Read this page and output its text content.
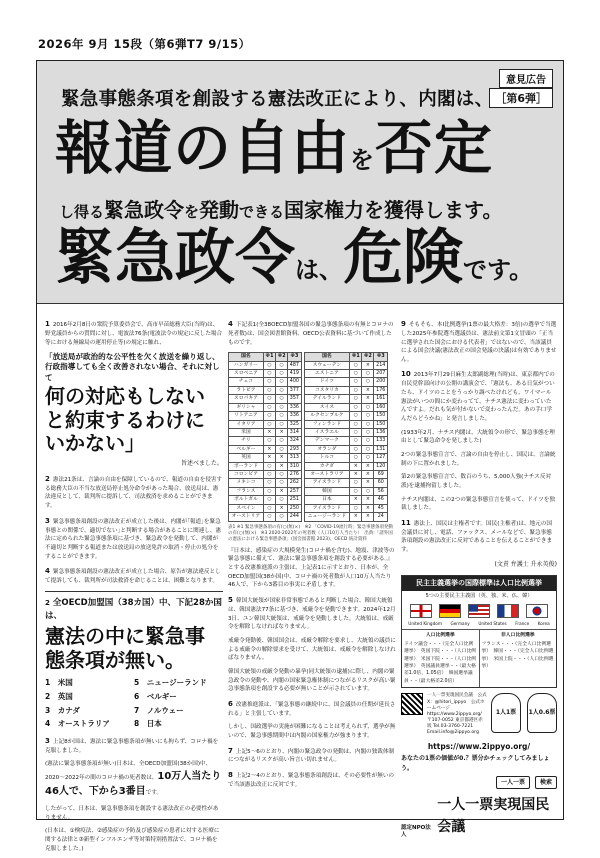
2026年 9月 15段（第6弾T7 9/15）
意見広告
［第6弾］
緊急事態条項を創設する憲法改正により、内閣は、
報道の自由を否定
し得る緊急政令を発動できる国家権力を獲得します。
緊急政令は、危険です。
1 2016年2月8日の衆院予算委員会で、高市早苗総務大臣(当時)は、野党議員からの質問に対し、電波法76条(電波法令の規定に反した場合等における無線局の運用停止等)の規定に触れ、
「放送局が政治的な公平性を欠く放送を繰り返し、行政指導しても全く改善されない場合、それに対して
何の対応もしないと約束するわけにいかない」
旨述べました。
2 憲法21条は、言論の自由を保障しているので、報道の自由を侵害する総務大臣の不当な放送局停止処分命令があった場合、放送局は、憲法違反として、裁判所に提訴して、司法救済を求めることができます。
3 緊急事態条項創設の憲法改正が成立した後は、内閣が｢報道｣を緊急事態との関係で、適切でない｣と判断する場合があることに関連し、憲法に定められた緊急事態条項に基づき、緊急政令を発動して、内閣が不適切と判断する報道または放送局の放送免許の取消・停止の処分をすることができます。
4 緊急事態条項創設の憲法改正が成立した場合、原告が憲法違反として提訴しても、裁判所が司法救済を命じることは、困難となります。
2 全OECD加盟国（38カ国）中、下記28か国は、
憲法の中に緊急事態条項が無い。
1　米国	5　ニュージーランド
2　英国	6　ベルギー
3　カナダ	7　ノルウェー
4　オーストラリア	8　日本
3 上記8か国は、憲法に緊急事態条項が無いにも拘らず、コロナ禍を克服しました。
(憲法に緊急事態条項が無い)日本は、全OECD加盟国(38か国)中、2020〜2022年の間のコロナ禍の死者数は、10万人当たり46人で、下から3番目です。
したがって、日本は、緊急事態条項を創設する憲法改正の必要性がありません。
(日本は、①検疫法、②感染症の予防及び感染症の患者に対する医療に関する法律と③新型インフルエンザ等対策特別措置法で、コロナ禍を克服しました。)
4 下記表1(全38OECD加盟各国の緊急事態条項の有無とコロナの死者数)は、国会図書館資料、OECD公表資料に基づいて作成したものです。
国名	※1	※2	※3		国名	※1	※2	※3
ハンガリー	○	○	487		スウェーデン	○	×	214
スロベニア	○	○	419		エストニア	○	○	207
チェコ	○	○	400		ドイツ	○	○	200
ラトビア	○	○	377		コスタリカ	○	×	176
スロバキア	○	○	357		デイルランド	○	×	161
ギリシャ	○	○	336		スイス	○	○	160
リトアニア	○	○	336		ルクセンブルク	○	○	150
イタリア	○	○	325		フィンランド	○	○	150
米国	×	×	314		イスラエル	○	○	136
チリ	○	○	324		デンマーク	○	○	133
ベルギー	×	○	293		オランダ	○	○	131
英国	×	×	313		トルコ	○	○	127
ポーランド	○	×	310		カナダ	×	×	120
コロンビア	○	○	276		オーストラリア	×	×	69
メキシコ	○	○	262		アイスランド	○	×	60
フランス	○	×	257		韓国	○	○	56
ポルトガル	○	○	251		日本	×	×	46
スペイン	○	×	250		アイスランド	○	×	45
オーストリア	○	○	244		ニュージーランド	×	×	24
表1 ※1 緊急事態条項の有(○)無(×)　※2 「COVID-19流行時」緊急事態条項発動の有(○)無(×)　※3 2020-2022年の死者数（人口10万人当たり）　出典:「諸外国の憲法における緊急事態条項」(国会図書館 2023)、OECD 統計資料
『日本は、感染症の大規模発生(コロナ禍を含む)、地震、津波等の緊急事態に備えて、憲法に緊急事態条項を創設する必要がある。』とする改憲推進派の主張は、上記表1に示すとおり、日本が、全OECD加盟国(38か国)中、コロナ禍の死者数が人口10万人当たり46人で、下から3番目の事実に矛盾します。
5 韓国大統領が国家非常事態であると判断した場合、韓国大統領は、韓国憲法77条に基づき、戒厳令を発動できます。2024年12月3日、ユン韓国大統領は、戒厳令を発動しました。大統領は、戒厳令を解除しなければなりません。
戒厳令発動後、韓国国会は、戒厳令解除を要求し、大統領の議員による戒厳令の解除要求を受けて、大統領は、戒厳令を解除しなければなりません。
韓国大統領の戒厳令発動の暴挙(同大統領の逮捕)に際し、内閣の緊急政令の発動や、内閣の国家緊急権体制につながるリスクが高い緊急事態条項を創設する必要が無いことが示されています。
6 改憲推進派は、「緊急事態の継続中に、国会議員の任期が延長される」と主張しています。
しかし、国政選挙の実施が困難になることは考えられず、選挙が無いので、緊急事態期間中は内閣の国家権力が強まります。
7 上記5〜6のとおり、内閣の緊急政令の発動は、内閣の独裁体制につながるリスクが高い旨言い切れません。
8 上記2〜4のとおり、緊急事態条項創設は、その必要性が無いので当該憲法改正に反対です。
9 そもそも、本Ⅰ比例選挙(1票の最大格差：3倍)の選挙で当選した2025年参院選当選議員は、憲法前文第1文冒頭の「正当に選挙された国会における代表者」ではないので、当該議員による国会決議(憲法改正の国会発議の決議)は有効でありません。
10 2013年7月29日麻生太郎副総理(当時)は、東京都内での自民党幹部向けの公開の講演会で、「憲法も、ある日気がついたら、ドイツのことをうっかり調べたけれども、ワイマール憲法がいつの間にか変わってて、ナチス憲法に変わっていたんですよ。だれも気が付かないで変わったんだ。あの手口学んだらどうかね」と発言しました。
(1933年2月、ナチス内閣は、大統領令の形で、緊急事態を理由として緊急命令を発しました)
2つの緊急事態宣言で、言論の自由を停止し、国民は、言論統制の下に置かれました。
第2の緊急事態宣言で、数百のうち、5,000人強(ナチス反対派)を逮捕拘留しました。
ナチス内閣は、この2つの緊急事態宣言を使って、ドイツを独裁しました。
11 憲法上、国民は主権者です。国民(主権者)は、地元の国会議員に対し、電話、ファックス、メールなどで、緊急事態条項創設の憲法改正に反対であることを伝えることができます。
(文責 弁護士 升永英俊)
民主主義選挙の国際標準は人口比例選挙
5つの主要民主主義国（英、独、米、仏、韓）
United Kingdom Germany United States France Korea
人口比例選挙
ドイツ議会・・・（完全人口比例選挙）　英国下院・・・（人口比例選挙）　米国下院・・・（人口比例選挙）　英国議員選挙・・（最大格差1.0倍、1.05倍）　韓国選挙議員・・（最大格差2.0倍）
非人口比例選挙
フランス・・・（完全人口比例選挙）　韓国・・・（完全人口比例選挙）　米国上院・・・（人口比例選挙）
一人一票実現国民会議　公式X：@hitori_ippyo　公式ホームページ　https://www.2ippyo.org/　〒107-0052 東京都港区赤坂 Tel.03-3760-7221 Email.info@2ippyo.org
1人1票	1人0.6票
https://www.2ippyo.org/
あなたの1票の価値が0.？票分かチェックしてみましょう。
一人一票	検索
認定NPO法人
一人一票実現国民会議
